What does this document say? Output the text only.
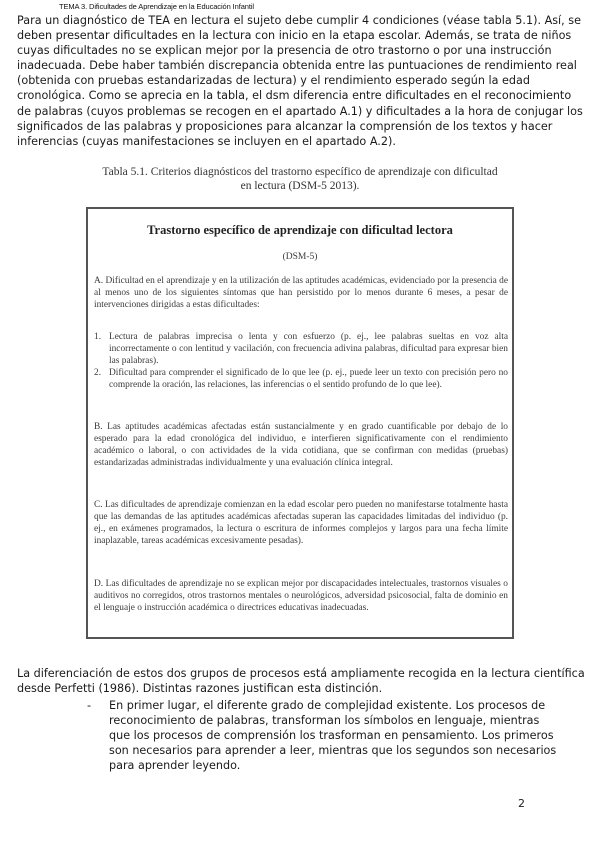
TEMA 3. Dificultades de Aprendizaje en la Educación Infantil
Para un diagnóstico de TEA en lectura el sujeto debe cumplir 4 condiciones (véase tabla 5.1). Así, se deben presentar dificultades en la lectura con inicio en la etapa escolar. Además, se trata de niños cuyas dificultades no se explican mejor por la presencia de otro trastorno o por una instrucción inadecuada. Debe haber también discrepancia obtenida entre las puntuaciones de rendimiento real (obtenida con pruebas estandarizadas de lectura) y el rendimiento esperado según la edad cronológica. Como se aprecia en la tabla, el dsm diferencia entre dificultades en el reconocimiento de palabras (cuyos problemas se recogen en el apartado A.1) y dificultades a la hora de conjugar los significados de las palabras y proposiciones para alcanzar la comprensión de los textos y hacer inferencias (cuyas manifestaciones se incluyen en el apartado A.2).
Tabla 5.1. Criterios diagnósticos del trastorno específico de aprendizaje con dificultad
en lectura (DSM-5 2013).
Trastorno específico de aprendizaje con dificultad lectora
(DSM-5)
A. Dificultad en el aprendizaje y en la utilización de las aptitudes académicas, evidenciado por la presencia de al menos uno de los siguientes síntomas que han persistido por lo menos durante 6 meses, a pesar de intervenciones dirigidas a estas dificultades:
1. Lectura de palabras imprecisa o lenta y con esfuerzo (p. ej., lee palabras sueltas en voz alta incorrectamente o con lentitud y vacilación, con frecuencia adivina palabras, dificultad para expresar bien las palabras).
2. Dificultad para comprender el significado de lo que lee (p. ej., puede leer un texto con precisión pero no comprende la oración, las relaciones, las inferencias o el sentido profundo de lo que lee).
B. Las aptitudes académicas afectadas están sustancialmente y en grado cuantificable por debajo de lo esperado para la edad cronológica del individuo, e interfieren significativamente con el rendimiento académico o laboral, o con actividades de la vida cotidiana, que se confirman con medidas (pruebas) estandarizadas administradas individualmente y una evaluación clínica integral.
C. Las dificultades de aprendizaje comienzan en la edad escolar pero pueden no manifestarse totalmente hasta que las demandas de las aptitudes académicas afectadas superan las capacidades limitadas del individuo (p. ej., en exámenes programados, la lectura o escritura de informes complejos y largos para una fecha límite inaplazable, tareas académicas excesivamente pesadas).
D. Las dificultades de aprendizaje no se explican mejor por discapacidades intelectuales, trastornos visuales o auditivos no corregidos, otros trastornos mentales o neurológicos, adversidad psicosocial, falta de dominio en el lenguaje o instrucción académica o directrices educativas inadecuadas.
La diferenciación de estos dos grupos de procesos está ampliamente recogida en la lectura científica desde Perfetti (1986). Distintas razones justifican esta distinción.
- En primer lugar, el diferente grado de complejidad existente. Los procesos de reconocimiento de palabras, transforman los símbolos en lenguaje, mientras que los procesos de comprensión los trasforman en pensamiento. Los primeros son necesarios para aprender a leer, mientras que los segundos son necesarios para aprender leyendo.
2
